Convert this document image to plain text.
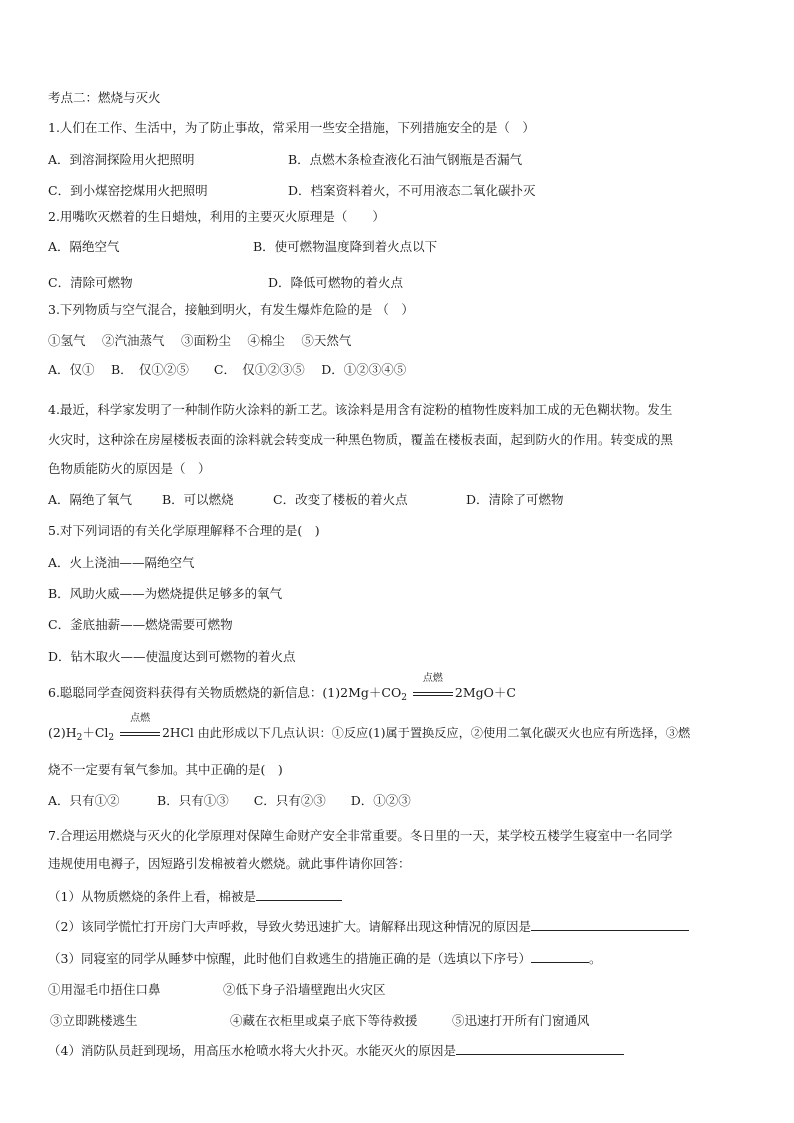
考点二：燃烧与灭火
1.人们在工作、生活中，为了防止事故，常采用一些安全措施，下列措施安全的是（　）
A．到溶洞探险用火把照明	B．点燃木条检查液化石油气钢瓶是否漏气
C．到小煤窑挖煤用火把照明	D．档案资料着火，不可用液态二氧化碳扑灭
2.用嘴吹灭燃着的生日蜡烛，利用的主要灭火原理是（　　）
A．隔绝空气	B．使可燃物温度降到着火点以下
C．清除可燃物	D．降低可燃物的着火点
3.下列物质与空气混合，接触到明火，有发生爆炸危险的是 （　）
①氢气　 ②汽油蒸气　 ③面粉尘　 ④棉尘　 ⑤天然气
A．仅①　 B．　仅①②⑤　　C．　仅①②③⑤　 D．①②③④⑤
4.最近，科学家发明了一种制作防火涂料的新工艺。该涂料是用含有淀粉的植物性废料加工成的无色糊状物。发生
火灾时，这种涂在房屋楼板表面的涂料就会转变成一种黑色物质，覆盖在楼板表面，起到防火的作用。转变成的黑
色物质能防火的原因是（　）
A．隔绝了氧气 B．可以燃烧	C．改变了楼板的着火点	D．清除了可燃物
5.对下列词语的有关化学原理解释不合理的是(　)
A．火上浇油——隔绝空气
B．风助火威——为燃烧提供足够多的氧气
C．釜底抽薪——燃烧需要可燃物
D．钻木取火——使温度达到可燃物的着火点
6.聪聪同学查阅资料获得有关物质燃烧的新信息：$(1)2Mg+CO_2$
点燃
2MgO＋C
$(2)H_2+Cl_2$
点燃
2HCl 由此形成以下几点认识：①反应(1)属于置换反应，②使用二氧化碳灭火也应有所选择，③燃
烧不一定要有氧气参加。其中正确的是(　)
A．只有①②　　　B．只有①③　　C．只有②③　　D．①②③
7.合理运用燃烧与灭火的化学原理对保障生命财产安全非常重要。冬日里的一天，某学校五楼学生寝室中一名同学
违规使用电褥子，因短路引发棉被着火燃烧。就此事件请你回答：
（1）从物质燃烧的条件上看，棉被是
（2）该同学慌忙打开房门大声呼救，导致火势迅速扩大。请解释出现这种情况的原因是
（3）同寝室的同学从睡梦中惊醒，此时他们自救逃生的措施正确的是（选填以下序号）	。
①用湿毛巾捂住口鼻	②低下身子沿墙壁跑出火灾区
③立即跳楼逃生	④藏在衣柜里或桌子底下等待救援	⑤迅速打开所有门窗通风
（4）消防队员赶到现场，用高压水枪喷水将大火扑灭。水能灭火的原因是
